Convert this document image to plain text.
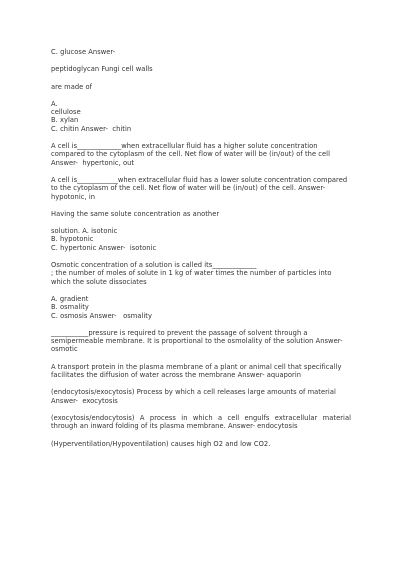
C. glucose Answer-

peptidoglycan Fungi cell walls

are made of

A.
cellulose
B. xylan
C. chitin Answer-  chitin

A cell is_____________when extracellular fluid has a higher solute concentration compared to the cytoplasm of the cell. Net flow of water will be (in/out) of the cell Answer-  hypertonic, out

A cell is____________when extracellular fluid has a lower solute concentration compared to the cytoplasm of the cell. Net flow of water will be (in/out) of the cell. Answer-  hypotonic, in

Having the same solute concentration as another

solution. A. isotonic
B. hypotonic
C. hypertonic Answer-  isotonic

Osmotic concentration of a solution is called its_____________
; the number of moles of solute in 1 kg of water times the number of particles into which the solute dissociates

A. gradient
B. osmality
C. osmosis Answer-   osmality

___________pressure is required to prevent the passage of solvent through a semipermeable membrane. It is proportional to the osmolality of the solution Answer-  osmotic

A transport protein in the plasma membrane of a plant or animal cell that specifically facilitates the diffusion of water across the membrane Answer- aquaporin

(endocytosis/exocytosis) Process by which a cell releases large amounts of material Answer-  exocytosis

(exocytosis/endocytosis) A process in which a cell engulfs extracellular material through an inward folding of its plasma membrane. Answer- endocytosis

(Hyperventilation/Hypoventilation) causes high O2 and low CO2.
